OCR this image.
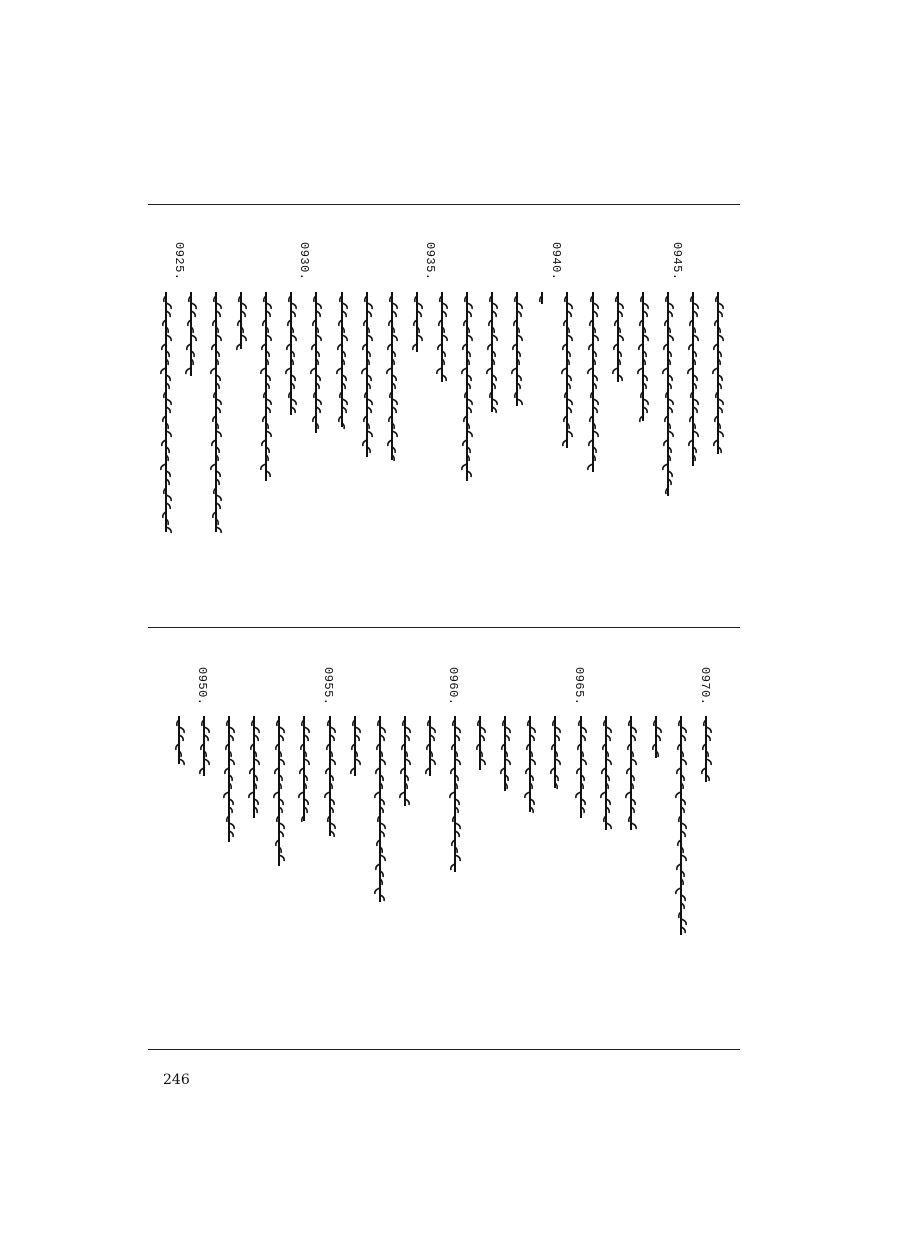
0945.
0940.
0935.
0930.
0925.
0970.
0965.
0960.
0955.
0950.
246
